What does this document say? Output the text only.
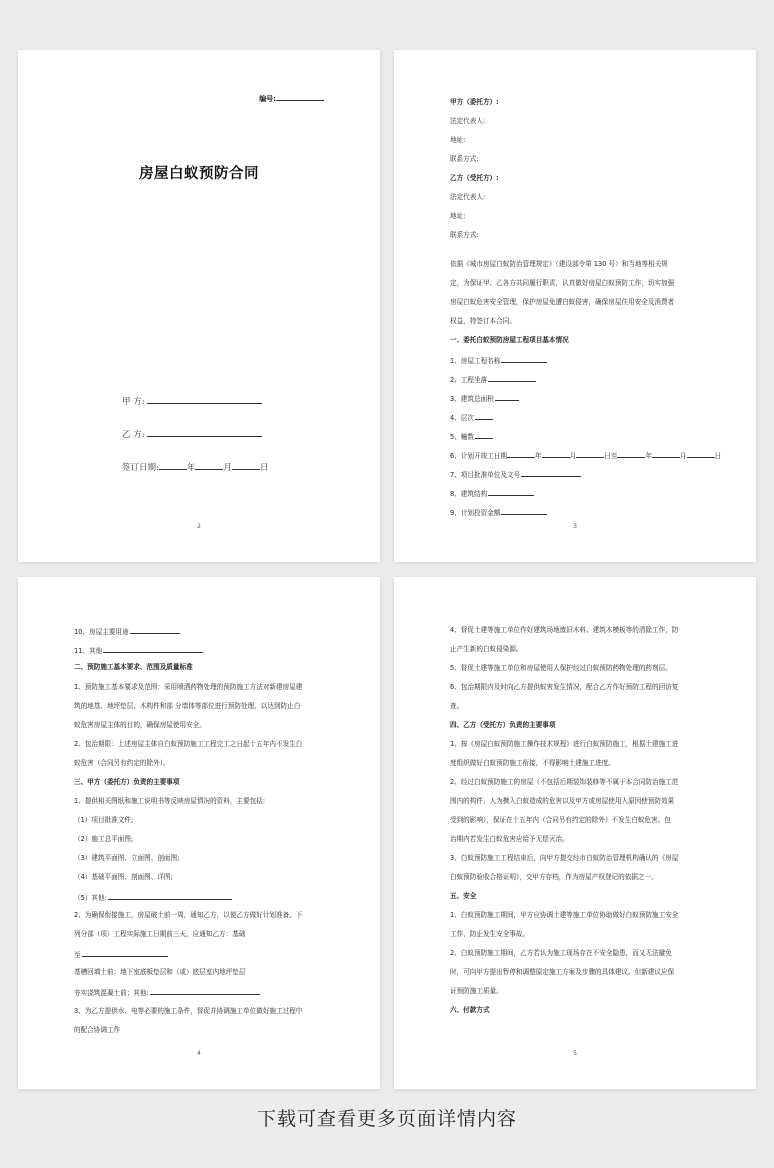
编号:
房屋白蚁预防合同
甲 方:
乙 方:
签订日期:	年	月	日
2
甲方（委托方）:
法定代表人:
地址:
联系方式:
乙方（受托方）:
法定代表人:
地址:
联系方式:
依据《城市房屋白蚁防治管理规定》（建设部令第 130 号）和当地等相关规
定，为保证甲、乙各方共同履行职责，认真做好房屋白蚁预防工作，切实加强
房屋白蚁危害安全管理，保护房屋免遭白蚁侵害，确保房屋住用安全及消费者
权益，特签订本合同。
一、委托白蚁预防房屋工程项目基本情况
1、房屋工程名称
2、工程坐落
3、建筑总面积
4、层次
5、幢数
6、计划开竣工日期	年	月	日至	年	月	日
7、项目批准单位及文号
8、建筑结构
9、计划投资金额
3
10、房屋主要用途
11、其他
二、预防施工基本要求、范围及质量标准
1、预防施工基本要求及范围：采用喷洒药物处理的预防施工方法对新建房屋建
筑的地基、地坪垫层、木构件和部 分墙体等部位进行预防处理，以达到防止白
蚁危害房屋主体的目的，确保房屋使用安全。
2、包治期限：上述房屋主体自白蚁预防施工工程完工之日起十五年内不发生白
蚁危害（合同另有约定的除外）。
三、甲方（委托方）负责的主要事项
1、提供相关图纸和施工说明书等反映房屋情况的资料，主要包括:
（1）项目批准文件;
（2）施工总平面图;
（3）建筑平面图、立面图、剖面图;
（4）基础平面图、剖面图、详图;
（5）其他:
2、为确保衔接施工，房屋破土前一周，通知乙方，以便乙方做好计划准备。下
列分部（项）工程实际施工日期前三天，应通知乙方：基础
至
基槽回填土前；地下室底板垫层和（或）底层室内地坪垫层
夯实浇筑混凝土前；其他:
3、为乙方提供水、电等必要的施工条件，督促并协调施工单位做好施工过程中
的配合协调工作
4
4、督促土建等施工单位作好建筑场地废旧木料、建筑木模板等的清除工作，防
止产生新的白蚁侵染源。
5、督促土建等施工单位和房屋使用人保护经过白蚁预防药物处理的药剂层。
6、包治期限内及时向乙方提供蚁害发生情况，配合乙方作好预防工程的回访复
查。
四、乙方（受托方）负责的主要事项
1、按《房屋白蚁预防施工操作技术规程》进行白蚁预防施工，根据土建施工进
度组织做好白蚁预防施工衔接，不得影响土建施工进度。
2、经过白蚁预防施工的房屋（不包括后期装饰装修等不属于本合同防治施工范
围内的构件、人为携入白蚁造成的危害以及甲方或房屋使用人原因使预防效果
受到的影响），保证在十五年内（合同另有约定的除外）不发生白蚁危害。包
治期内若发生白蚁危害应给予无偿灭治。
3、白蚁预防施工工程结束后，向甲方提交经市白蚁防治管理机构确认的《房屋
白蚁预防验收合格证明》，交甲方存档，作为房屋产权登记的依据之一。
五、安全
1、白蚁预防施工期间，甲方应协调土建等施工单位协助做好白蚁预防施工安全
工作，防止发生安全事故。
2、白蚁预防施工期间，乙方若认为施工现场存在不安全隐患，而又无法避免
时，可向甲方提出暂停和调整原定施工方案及步骤的具体建议。但新建议应保
证预防施工质量。
六、付款方式
5
下载可查看更多页面详情内容
